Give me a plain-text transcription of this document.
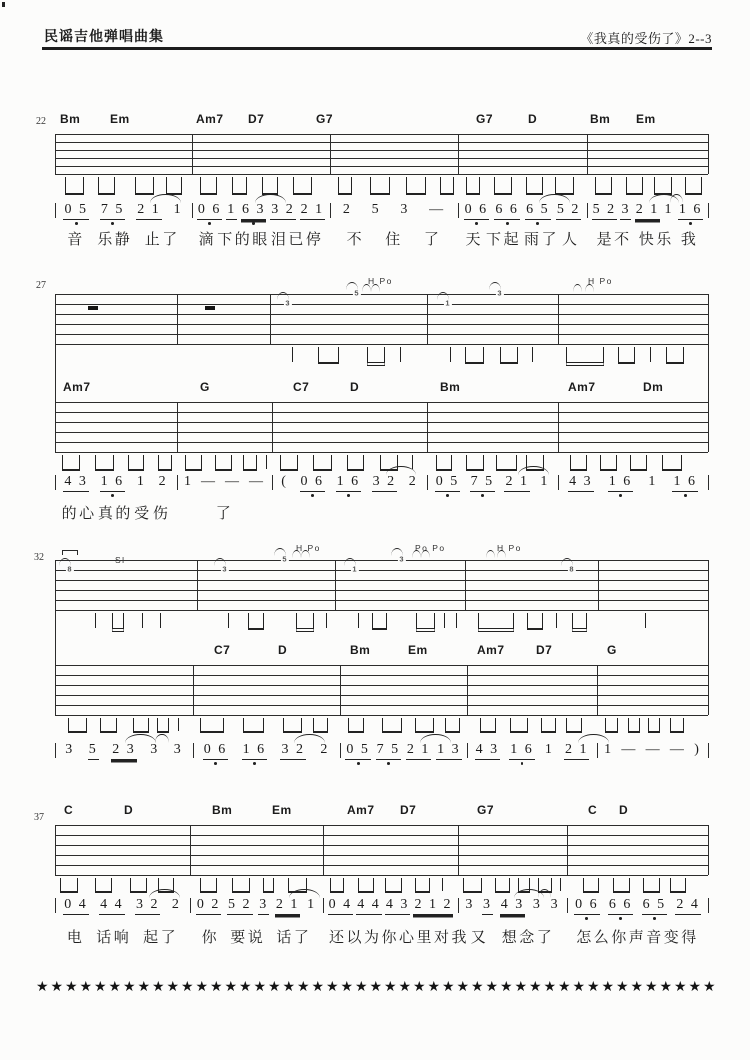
民谣吉他弹唱曲集	《我真的受伤了》2--3
22 Bm Em	Am7 D7	G7	G7	D	Bm Em
0 5 7 5 2 1 1
音 乐静 止了
0 6 1 6 3 3 2 2 1
滴 下的眼 泪已停
2 5 3 —
不 住 了
0 6 6 6 6 5 5 2
天 下起 雨了 人
5 2 3 2 1 1 1 6
是不 快乐 我
27	H Po	H Po
3
5
1
3
Am7	G	C7	D	Bm	Am7	Dm
4 3 1 6 1 2
的心 真的 受 伤
1 — — —
了
( 0 6 1 6 3 2 2 0 5 7 5 2 1 1 4 3 1 6 1 1 6
32	Sl
H Po	Po Po	H Po
8	3
5
1
3
8
C7	D	Bm	Em	Am7	D7	G
3 5 2 3 3 3 0 6 1 6 3 2 2 0 5 7 5 2 1 1 3 4 3 1 6 1 2 1 1 — — — )
37
C	D	Bm	Em	Am7 D7	G7	C D
0 4 4 4 3 2 2
电 话响 起了
0 2 5 2 3 2 1 1
你 要说 话了
0 4 4 4 4 3 2 1 2
还 以为 你心里对我
3 3 4 3 3 3
又 想念了
0 6 6 6 6 5 2 4
怎么你声音变得
★ ★ ★ ★ ★ ★ ★ ★ ★ ★ ★ ★ ★ ★ ★ ★ ★ ★ ★ ★ ★ ★ ★ ★ ★ ★ ★ ★ ★ ★ ★ ★ ★ ★ ★ ★ ★ ★ ★ ★ ★ ★ ★ ★ ★ ★ ★
